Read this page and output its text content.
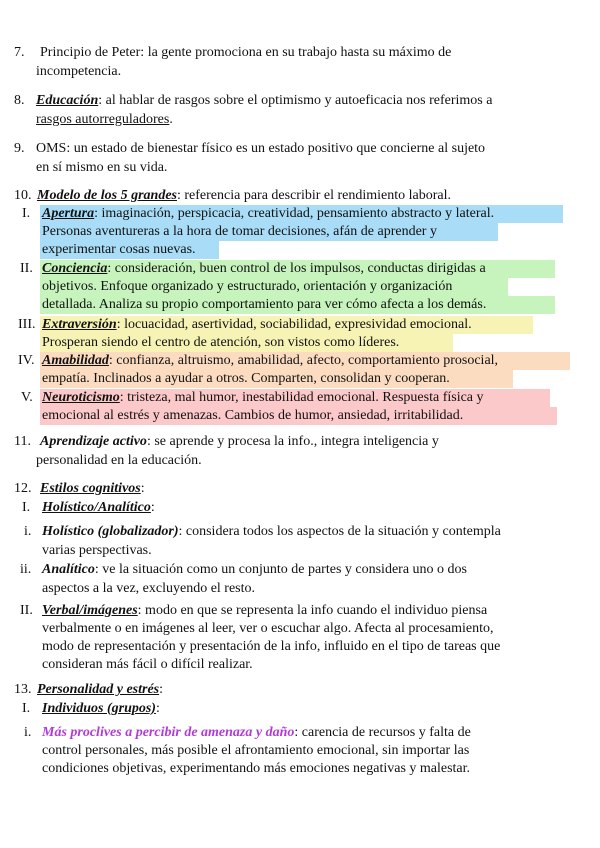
7. Principio de Peter: la gente promociona en su trabajo hasta su máximo de
incompetencia.
8. Educación: al hablar de rasgos sobre el optimismo y autoeficacia nos referimos a
rasgos autorreguladores.
9. OMS: un estado de bienestar físico es un estado positivo que concierne al sujeto
en sí mismo en su vida.
10. Modelo de los 5 grandes: referencia para describir el rendimiento laboral.
I. Apertura: imaginación, perspicacia, creatividad, pensamiento abstracto y lateral.
Personas aventureras a la hora de tomar decisiones, afán de aprender y
experimentar cosas nuevas.
II. Conciencia: consideración, buen control de los impulsos, conductas dirigidas a
objetivos. Enfoque organizado y estructurado, orientación y organización
detallada. Analiza su propio comportamiento para ver cómo afecta a los demás.
III. Extraversión: locuacidad, asertividad, sociabilidad, expresividad emocional.
Prosperan siendo el centro de atención, son vistos como líderes.
IV. Amabilidad: confianza, altruismo, amabilidad, afecto, comportamiento prosocial,
empatía. Inclinados a ayudar a otros. Comparten, consolidan y cooperan.
V. Neuroticismo: tristeza, mal humor, inestabilidad emocional. Respuesta física y
emocional al estrés y amenazas. Cambios de humor, ansiedad, irritabilidad.
11. Aprendizaje activo: se aprende y procesa la info., integra inteligencia y
personalidad en la educación.
12. Estilos cognitivos:
I. Holístico/Analítico:
i. Holístico (globalizador): considera todos los aspectos de la situación y contempla
varias perspectivas.
ii. Analítico: ve la situación como un conjunto de partes y considera uno o dos
aspectos a la vez, excluyendo el resto.
II. Verbal/imágenes: modo en que se representa la info cuando el individuo piensa
verbalmente o en imágenes al leer, ver o escuchar algo. Afecta al procesamiento,
modo de representación y presentación de la info, influido en el tipo de tareas que
consideran más fácil o difícil realizar.
13. Personalidad y estrés:
I. Individuos (grupos):
i. Más proclives a percibir de amenaza y daño: carencia de recursos y falta de
control personales, más posible el afrontamiento emocional, sin importar las
condiciones objetivas, experimentando más emociones negativas y malestar.
